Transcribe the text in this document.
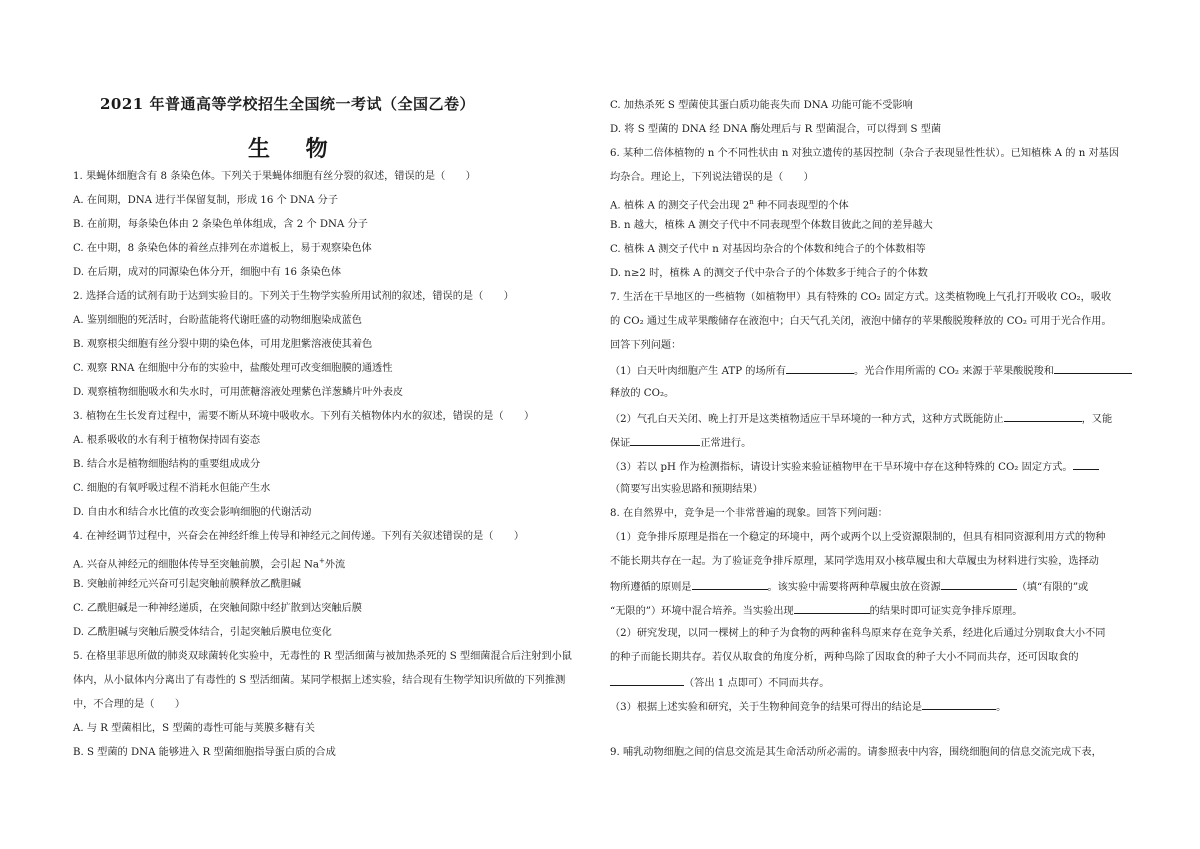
2021 年普通高等学校招生全国统一考试（全国乙卷）
生 物
1. 果蝇体细胞含有 8 条染色体。下列关于果蝇体细胞有丝分裂的叙述，错误的是（　　）
A. 在间期，DNA 进行半保留复制，形成 16 个 DNA 分子
B. 在前期，每条染色体由 2 条染色单体组成，含 2 个 DNA 分子
C. 在中期，8 条染色体的着丝点排列在赤道板上，易于观察染色体
D. 在后期，成对的同源染色体分开，细胞中有 16 条染色体
2. 选择合适的试剂有助于达到实验目的。下列关于生物学实验所用试剂的叙述，错误的是（　　）
A. 鉴别细胞的死活时，台盼蓝能将代谢旺盛的动物细胞染成蓝色
B. 观察根尖细胞有丝分裂中期的染色体，可用龙胆紫溶液使其着色
C. 观察 RNA 在细胞中分布的实验中，盐酸处理可改变细胞膜的通透性
D. 观察植物细胞吸水和失水时，可用蔗糖溶液处理紫色洋葱鳞片叶外表皮
3. 植物在生长发育过程中，需要不断从环境中吸收水。下列有关植物体内水的叙述，错误的是（　　）
A. 根系吸收的水有利于植物保持固有姿态
B. 结合水是植物细胞结构的重要组成成分
C. 细胞的有氧呼吸过程不消耗水但能产生水
D. 自由水和结合水比值的改变会影响细胞的代谢活动
4. 在神经调节过程中，兴奋会在神经纤维上传导和神经元之间传递。下列有关叙述错误的是（　　）
A. 兴奋从神经元的细胞体传导至突触前膜，会引起 Na+外流
B. 突触前神经元兴奋可引起突触前膜释放乙酰胆碱
C. 乙酰胆碱是一种神经递质，在突触间隙中经扩散到达突触后膜
D. 乙酰胆碱与突触后膜受体结合，引起突触后膜电位变化
5. 在格里菲思所做的肺炎双球菌转化实验中，无毒性的 R 型活细菌与被加热杀死的 S 型细菌混合后注射到小鼠
体内，从小鼠体内分离出了有毒性的 S 型活细菌。某同学根据上述实验，结合现有生物学知识所做的下列推测
中，不合理的是（　　）
A. 与 R 型菌相比，S 型菌的毒性可能与荚膜多糖有关
B. S 型菌的 DNA 能够进入 R 型菌细胞指导蛋白质的合成
C. 加热杀死 S 型菌使其蛋白质功能丧失而 DNA 功能可能不受影响
D. 将 S 型菌的 DNA 经 DNA 酶处理后与 R 型菌混合，可以得到 S 型菌
6. 某种二倍体植物的 n 个不同性状由 n 对独立遗传的基因控制（杂合子表现显性性状）。已知植株 A 的 n 对基因
均杂合。理论上，下列说法错误的是（　　）
A. 植株 A 的测交子代会出现 2$^n$ 种不同表现型的个体
B. n 越大，植株 A 测交子代中不同表现型个体数目彼此之间的差异越大
C. 植株 A 测交子代中 n 对基因均杂合的个体数和纯合子的个体数相等
D. n≥2 时，植株 A 的测交子代中杂合子的个体数多于纯合子的个体数
7. 生活在干旱地区的一些植物（如植物甲）具有特殊的 CO₂ 固定方式。这类植物晚上气孔打开吸收 CO₂，吸收
的 CO₂ 通过生成苹果酸储存在液泡中；白天气孔关闭，液泡中储存的苹果酸脱羧释放的 CO₂ 可用于光合作用。
回答下列问题：
（1）白天叶肉细胞产生 ATP 的场所有	。光合作用所需的 CO₂ 来源于苹果酸脱羧和
释放的 CO₂。
（2）气孔白天关闭、晚上打开是这类植物适应干旱环境的一种方式，这种方式既能防止	，又能
保证	正常进行。
（3）若以 pH 作为检测指标，请设计实验来验证植物甲在干旱环境中存在这种特殊的 CO₂ 固定方式。
（简要写出实验思路和预期结果）
8. 在自然界中，竞争是一个非常普遍的现象。回答下列问题：
（1）竞争排斥原理是指在一个稳定的环境中，两个或两个以上受资源限制的，但具有相同资源利用方式的物种
不能长期共存在一起。为了验证竞争排斥原理，某同学选用双小核草履虫和大草履虫为材料进行实验，选择动
物所遵循的原则是	。该实验中需要将两种草履虫放在资源	（填“有限的”或
“无限的”）环境中混合培养。当实验出现	的结果时即可证实竞争排斥原理。
（2）研究发现，以同一棵树上的种子为食物的两种雀科鸟原来存在竞争关系，经进化后通过分别取食大小不同
的种子而能长期共存。若仅从取食的角度分析，两种鸟除了因取食的种子大小不同而共存，还可因取食的
（答出 1 点即可）不同而共存。
（3）根据上述实验和研究，关于生物种间竞争的结果可得出的结论是	。
9. 哺乳动物细胞之间的信息交流是其生命活动所必需的。请参照表中内容，围绕细胞间的信息交流完成下表，
